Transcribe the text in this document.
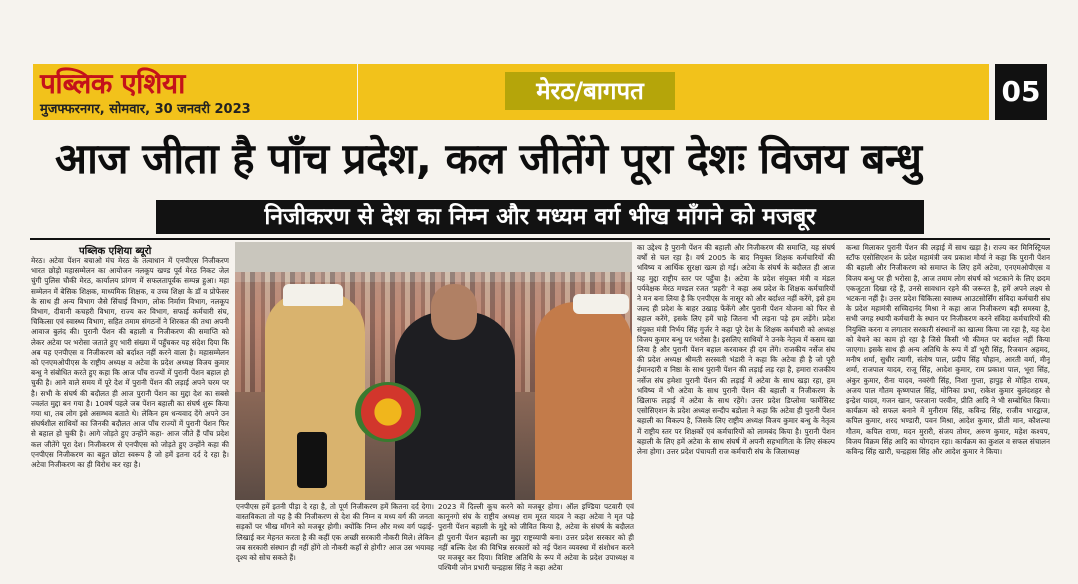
पब्लिक एशिया
मुजफ्फरनगर, सोमवार, 30 जनवरी 2023
मेरठ/बागपत	05
आज जीता है पाँच प्रदेश, कल जीतेंगे पूरा देशः विजय बन्धु
निजीकरण से देश का निम्न और मध्यम वर्ग भीख माँगने को मजबूर
पब्लिक एशिया ब्यूरो
मेरठ। अटेवा पेंशन बचाओ मंच मेरठ के तत्वाधान में एनपीएस निजीकरण भारत छोड़ो महासम्मेलन का आयोजन नलकूप खण्ड पूर्व मेरठ निकट जेल चुंगी पुलिस चौकी मेरठ, कार्यालय प्रांगण में सफलतापूर्वक सम्पन्न हुआ। महा सम्मेलन में बेसिक शिक्षक, माध्यमिक शिक्षक, व उच्च शिक्षा के डॉ व प्रोफेसर के साथ ही अन्य विभाग जैसे सिंचाई विभाग, लोक निर्माण विभाग, नलकूप विभाग, दीवानी कचहरी विभाग, राज्य कर विभाग, सफाई कर्मचारी संघ, चिकित्सा एवं स्वास्थ्य विभाग, सहित तमाम संगठनों ने शिरकत की तथा अपनी आवाज बुलंद की। पुरानी पेंशन की बहाली व निजीकरण की समाप्ति को लेकर अटेवा पर भरोसा जताते हुए भारी संख्या में पहुँचकर यह संदेश दिया कि अब यह एनपीएस व निजीकरण को बर्दाश्त नहीं करने वाला है। महासम्मेलन को एनएमओपीएस के राष्ट्रीय अध्यक्ष व अटेवा के प्रदेश अध्यक्ष विजय कुमार बन्धु ने संबोधित करते हुए कहा कि आज पाँच राज्यों में पुरानी पेंशन बहाल हो चुकी है। आने वाले समय में पूरे देश में पुरानी पेंशन की लड़ाई अपने चरम पर है। सभी के संघर्ष की बदौलत ही आज पुरानी पेंशन का मुद्दा देश का सबसे ज्वलंत मुद्दा बन गया है। 10वर्ष पहले जब पेंशन बहाली का संघर्ष शुरू किया गया था, तब लोग इसे असम्भव बताते थे। लेकिन हम धन्यवाद देंगे अपने उन संघर्षशील साथियों का जिनकी बदौलत आज पाँच राज्यों में पुरानी पेंशन फिर से बहाल हो चुकी है। आगे जोड़ते हुए उन्होंने कहा- आज जीते हैं पाँच प्रदेश कल जीतेंगे पूरा देश। निजीकरण से एनपीएस को जोड़ते हुए उन्होंने कहा की एनपीएस निजीकरण का बहुत छोटा स्वरूप है जो हमें इतना दर्द दे रहा है। अटेवा निजीकरण का ही विरोध कर रहा है।
एनपीएस हमें इतनी पीड़ा दे रहा है, तो पूर्ण निजीकरण हमें कितना दर्द देगा। वास्तविकता तो यह है की निजीकरण से देश की निम्न व मध्य वर्ग की जनता सड़कों पर भीख माँगने को मजबूर होगी। क्योंकि निम्न और मध्य वर्ग पढ़ाई-लिखाई कर मेहनत करता है की कहीं एक अच्छी सरकारी नौकरी मिले। लेकिन जब सरकारी संस्थान ही नहीं होंगे तो नौकरी कहाँ से होगी? आज उस भयावह दृश्य को सोच सकते हैं।
2023 में दिल्ली कूच करने को मजबूर होगा। ऑल इण्डिया पटवारी एवं कानूनगो संघ के राष्ट्रीय अध्यक्ष राम मूरत यादव ने कहा अटेवा ने मृत पड़े पुरानी पेंशन बहाली के मुद्दे को जीवित किया है, अटेवा के संघर्ष के बदौलत ही पुरानी पेंशन बहाली का मुद्दा राष्ट्रव्यापी बना। उत्तर प्रदेश सरकार को ही नहीं बल्कि देश की विभिन्न सरकारों को नई पेंशन व्यवस्था में संशोधन करने पर मजबूर कर दिया। विशिष्ट अतिथि के रूप में अटेवा के प्रदेश उपाध्यक्ष व पश्चिमी जोन प्रभारी चन्द्रहास सिंह ने कहा अटेवा
का उद्देश्य है पुरानी पेंशन की बहाली और निजीकरण की समाप्ति, यह संघर्ष वर्षों से चल रहा है। वर्ष 2005 के बाद नियुक्त शिक्षक कर्मचारियों की भविष्य व आर्थिक सुरक्षा खत्म हो गई। अटेवा के संघर्ष के बदौलत ही आज यह मुद्दा राष्ट्रीय स्तर पर पहुँचा है। अटेवा के प्रदेश संयुक्त मंत्री व मंडल पर्यवेक्षक मेरठ मण्डल रजत 'प्रहरी' ने कहा अब प्रदेश के शिक्षक कर्मचारियों ने मन बना लिया है कि एनपीएस के नासूर को और बर्दाश्त नहीं करेंगे, इसे हम जल्द ही प्रदेश के बाहर उखाड़ फेंकेंगे और पुरानी पेंशन योजना को फिर से बहाल करेंगे, इसके लिए हमें चाहे जितना भी लड़ना पड़े हम लड़ेंगे। प्रदेश संयुक्त मंत्री निर्भय सिंह गुर्जर ने कहा पूरे देश के शिक्षक कर्मचारी को अध्यक्ष विजय कुमार बन्धु पर भरोसा है। इसलिए साथियों ने उनके नेतृत्व में कसम खा लिया है और पुरानी पेंशन बहाल करवाकर ही दम लेंगे। राजकीय नर्सेज संघ की प्रदेश अध्यक्ष श्रीमती सरस्वती भंडारी ने कहा कि अटेवा ही है जो पूरी ईमानदारी व निष्ठा के साथ पुरानी पेंशन की लड़ाई लड़ रहा है, हमारा राजकीय नर्सेज संघ हमेशा पुरानी पेंशन की लड़ाई में अटेवा के साथ खड़ा रहा, हम भविष्य में भी अटेवा के साथ पुरानी पेंशन की बहाली व निजीकरण के खिलाफ लड़ाई में अटेवा के साथ रहेंगे। उत्तर प्रदेश डिप्लोमा फार्मेसिस्ट एसोसिएशन के प्रदेश अध्यक्ष सन्दीप बडोला ने कहा कि अटेवा ही पुरानी पेंशन बहाली का विकल्प है, जिसके लिए राष्ट्रीय अध्यक्ष विजय कुमार बन्धु के नेतृत्व में राष्ट्रीय स्तर पर शिक्षकों एवं कर्मचारियों को लामबंद किया है। पुरानी पेंशन बहाली के लिए हमें अटेवा के साथ संघर्ष में अपनी सहभागिता के लिए संकल्प लेना होगा। उत्तर प्रदेश पंचायती राज कर्मचारी संघ के जिलाध्यक्ष
कन्धा मिलाकर पुरानी पेंशन की लड़ाई में साथ खड़ा है। राज्य कर मिनिस्ट्रियल स्टॉफ एसोसिएशन के प्रदेश महामंत्री जय प्रकाश मौर्या ने कहा कि पुरानी पेंशन की बहाली और निजीकरण को समाप्त के लिए हमें अटेवा, एनएमओपीएस व विजय बन्धु पर ही भरोसा है, आज तमाम लोग संघर्ष को भटकाने के लिए छदम एकजुटता दिखा रहे हैं, उनसे सावधान रहने की जरूरत है, हमें अपने लक्ष्य से भटकना नहीं है। उत्तर प्रदेश चिकित्सा स्वास्थ्य आउटसोर्सिंग संविदा कर्मचारी संघ के प्रदेश महामंत्री सच्चिदानंद मिश्रा ने कहा आज निजीकरण बड़ी समस्या है, सभी जगह स्थायी कर्मचारी के स्थान पर निजीकरण करने संविदा कर्मचारियों की नियुक्ति करना व लगातार सरकारी संस्थानों का खात्मा किया जा रहा है, यह देश को बेचने का काम हो रहा है जिसे किसी भी कीमत पर बर्दाश्त नहीं किया जाएगा। इसके साथ ही अन्य अतिथि के रूप में डॉ भूरी सिंह, रिजवान अहमद, मनीष शर्मा, सुधीर त्यागी, संतोष पाल, प्रदीप सिंह चौहान, आरती वर्मा, मीनू शर्मा, राजपाल यादव, राजू सिंह, आदेश कुमार, राम प्रकाश पाल, भूरा सिंह, अंकुर कुमार, रीना यादव, नवरंगी सिंह, निशा गुप्ता, हापुड़ से मोहित राघव, अजय पाल गौतम कृष्णपाल सिंह, मोनिका प्रभा, राकेश कुमार बुलंदशहर से इन्द्रेश यादव, गजन खान, फरजाना परवीन, प्रीति आदि ने भी सम्बोधित किया। कार्यक्रम को सफल बनाने में मुनीराम सिंह, कविन्द्र सिंह, राजीव भारद्वाज, कपिल कुमार, शरद भण्डारी, पवन मिश्रा, आदेश कुमार, प्रीती मान, कौशल्या गौतम, कपिल राणा, मदन मुरारी, संजय तोमर, अरुण कुमार, महेश कश्यप, विजय विक्रम सिंह आदि का योगदान रहा। कार्यक्रम का कुशल व सफल संचालन कविन्द्र सिंह खारी, चन्द्रहास सिंह और आदेश कुमार ने किया।
